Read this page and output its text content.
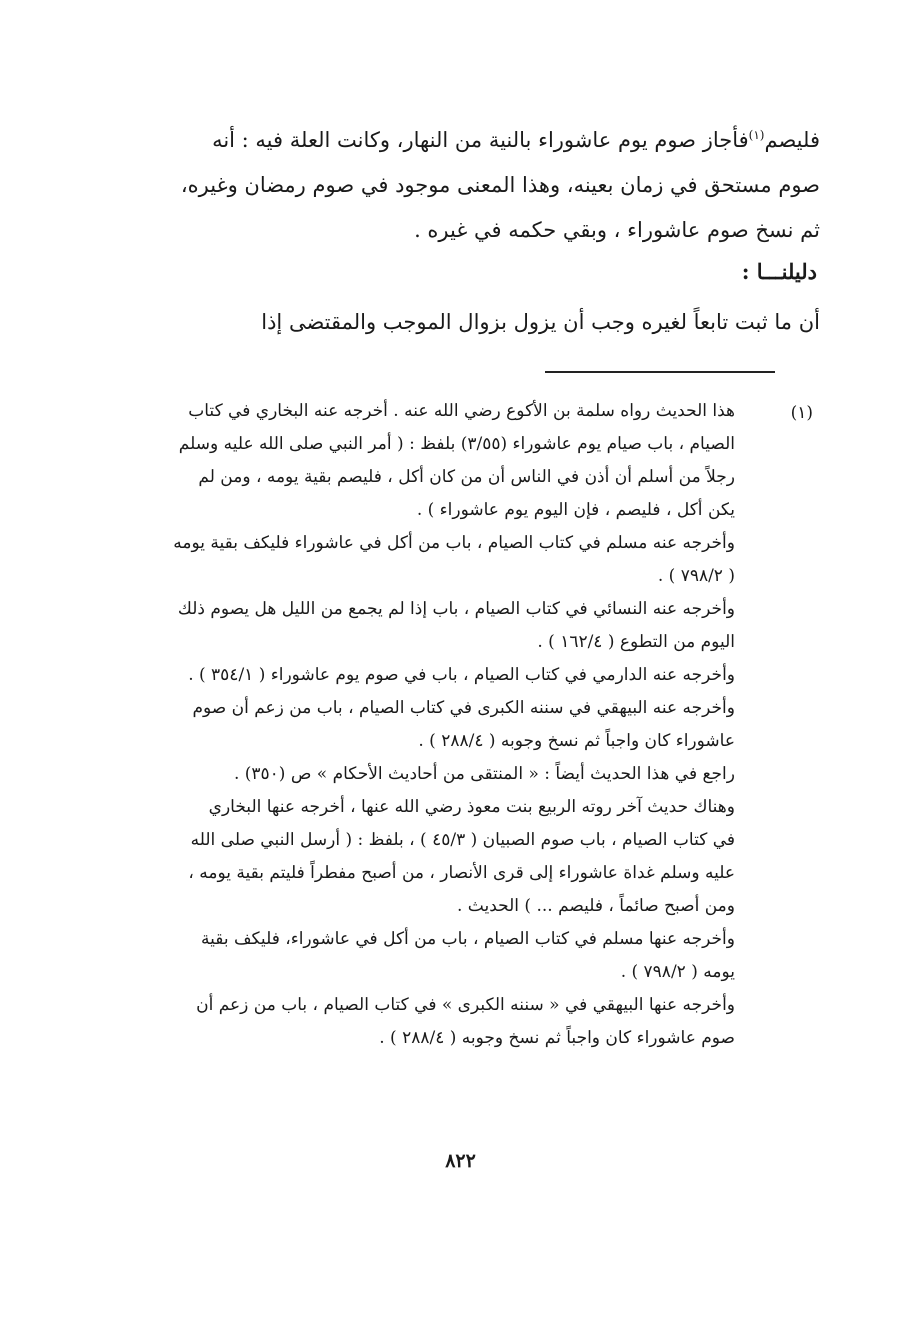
فليصم$^{(١)}$فأجاز صوم يوم عاشوراء بالنية من النهار، وكانت العلة فيه : أنه
صوم مستحق في زمان بعينه، وهذا المعنى موجود في صوم رمضان وغيره،
ثم نسخ صوم عاشوراء ، وبقي حكمه في غيره .
دليلنـــا :
أن ما ثبت تابعاً لغيره وجب أن يزول بزوال الموجب والمقتضى إذا
(١)
هذا الحديث رواه سلمة بن الأكوع رضي الله عنه . أخرجه عنه البخاري في كتاب
الصيام ، باب صيام يوم عاشوراء (٣/٥٥) بلفظ : ( أمر النبي صلى الله عليه وسلم
رجلاً من أسلم أن أذن في الناس أن من كان أكل ، فليصم بقية يومه ، ومن لم
يكن أكل ، فليصم ، فإن اليوم يوم عاشوراء ) .
وأخرجه عنه مسلم في كتاب الصيام ، باب من أكل في عاشوراء فليكف بقية يومه
( ٧٩٨/٢ ) .
وأخرجه عنه النسائي في كتاب الصيام ، باب إذا لم يجمع من الليل هل يصوم ذلك
اليوم من التطوع ( ١٦٢/٤ ) .
وأخرجه عنه الدارمي في كتاب الصيام ، باب في صوم يوم عاشوراء ( ٣٥٤/١ ) .
وأخرجه عنه البيهقي في سننه الكبرى في كتاب الصيام ، باب من زعم أن صوم
عاشوراء كان واجباً ثم نسخ وجوبه ( ٢٨٨/٤ ) .
راجع في هذا الحديث أيضاً : « المنتقى من أحاديث الأحكام » ص (٣٥٠) .
وهناك حديث آخر روته الربيع بنت معوذ رضي الله عنها ، أخرجه عنها البخاري
في كتاب الصيام ، باب صوم الصبيان ( ٤٥/٣ ) ، بلفظ : ( أرسل النبي صلى الله
عليه وسلم غداة عاشوراء إلى قرى الأنصار ، من أصبح مفطراً فليتم بقية يومه ،
ومن أصبح صائماً ، فليصم ... ) الحديث .
وأخرجه عنها مسلم في كتاب الصيام ، باب من أكل في عاشوراء، فليكف بقية
يومه ( ٧٩٨/٢ ) .
وأخرجه عنها البيهقي في « سننه الكبرى » في كتاب الصيام ، باب من زعم أن
صوم عاشوراء كان واجباً ثم نسخ وجوبه ( ٢٨٨/٤ ) .
٨٢٢
